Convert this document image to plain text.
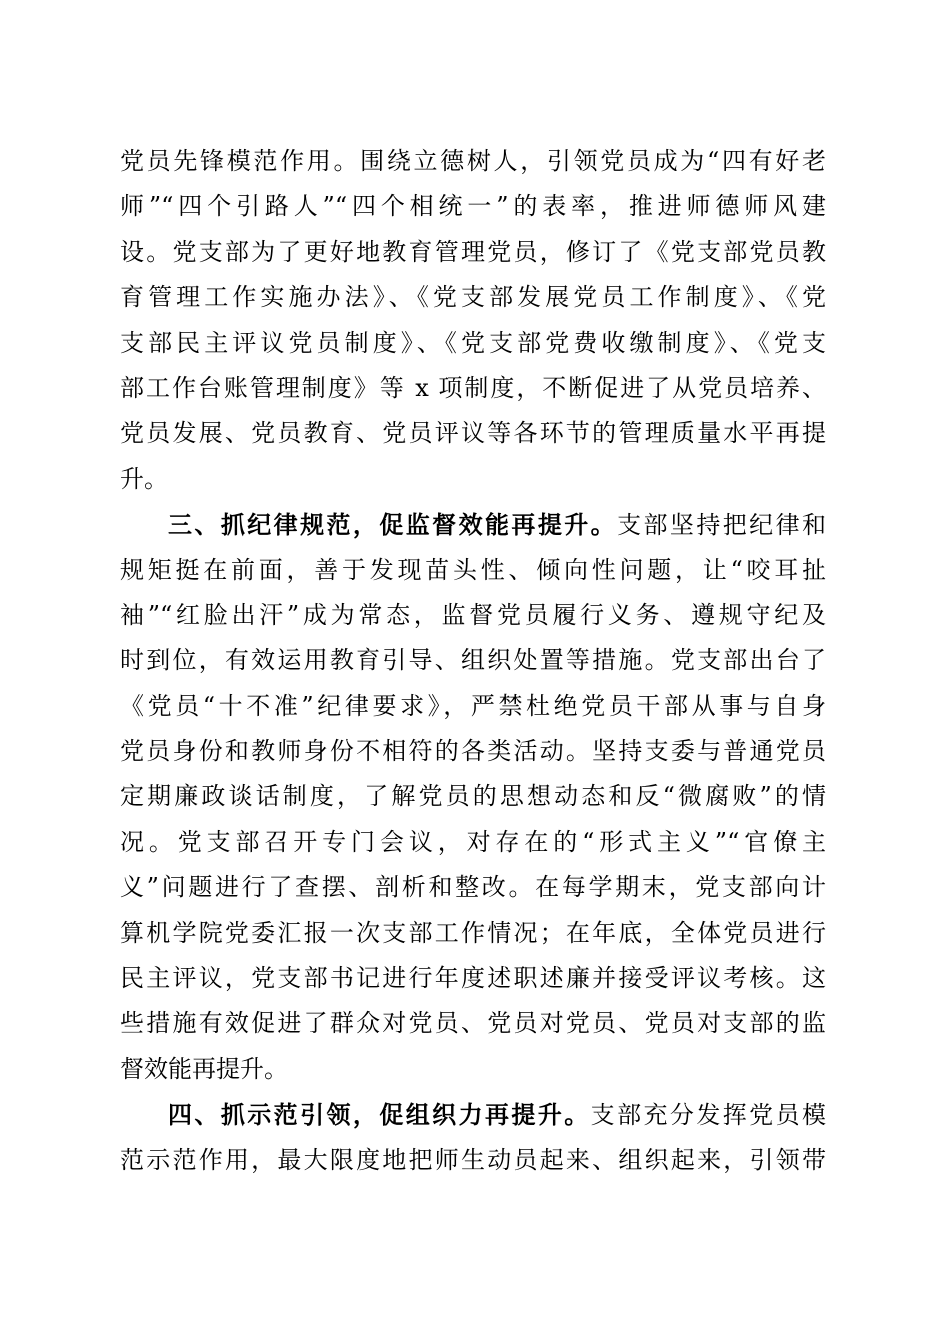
党员先锋模范作用。围绕立德树人，引领党员成为“四有好老
师”“四个引路人”“四个相统一”的表率，推进师德师风建
设。党支部为了更好地教育管理党员，修订了《党支部党员教
育管理工作实施办法》、《党支部发展党员工作制度》、《党
支部民主评议党员制度》、《党支部党费收缴制度》、《党支
部工作台账管理制度》等 x 项制度，不断促进了从党员培养、
党员发展、党员教育、党员评议等各环节的管理质量水平再提
升。
三、抓纪律规范，促监督效能再提升。支部坚持把纪律和
规矩挺在前面，善于发现苗头性、倾向性问题，让“咬耳扯
袖”“红脸出汗”成为常态，监督党员履行义务、遵规守纪及
时到位，有效运用教育引导、组织处置等措施。党支部出台了
《党员“十不准”纪律要求》，严禁杜绝党员干部从事与自身
党员身份和教师身份不相符的各类活动。坚持支委与普通党员
定期廉政谈话制度，了解党员的思想动态和反“微腐败”的情
况。党支部召开专门会议，对存在的“形式主义”“官僚主
义”问题进行了查摆、剖析和整改。在每学期末，党支部向计
算机学院党委汇报一次支部工作情况；在年底，全体党员进行
民主评议，党支部书记进行年度述职述廉并接受评议考核。这
些措施有效促进了群众对党员、党员对党员、党员对支部的监
督效能再提升。
四、抓示范引领，促组织力再提升。支部充分发挥党员模
范示范作用，最大限度地把师生动员起来、组织起来，引领带
